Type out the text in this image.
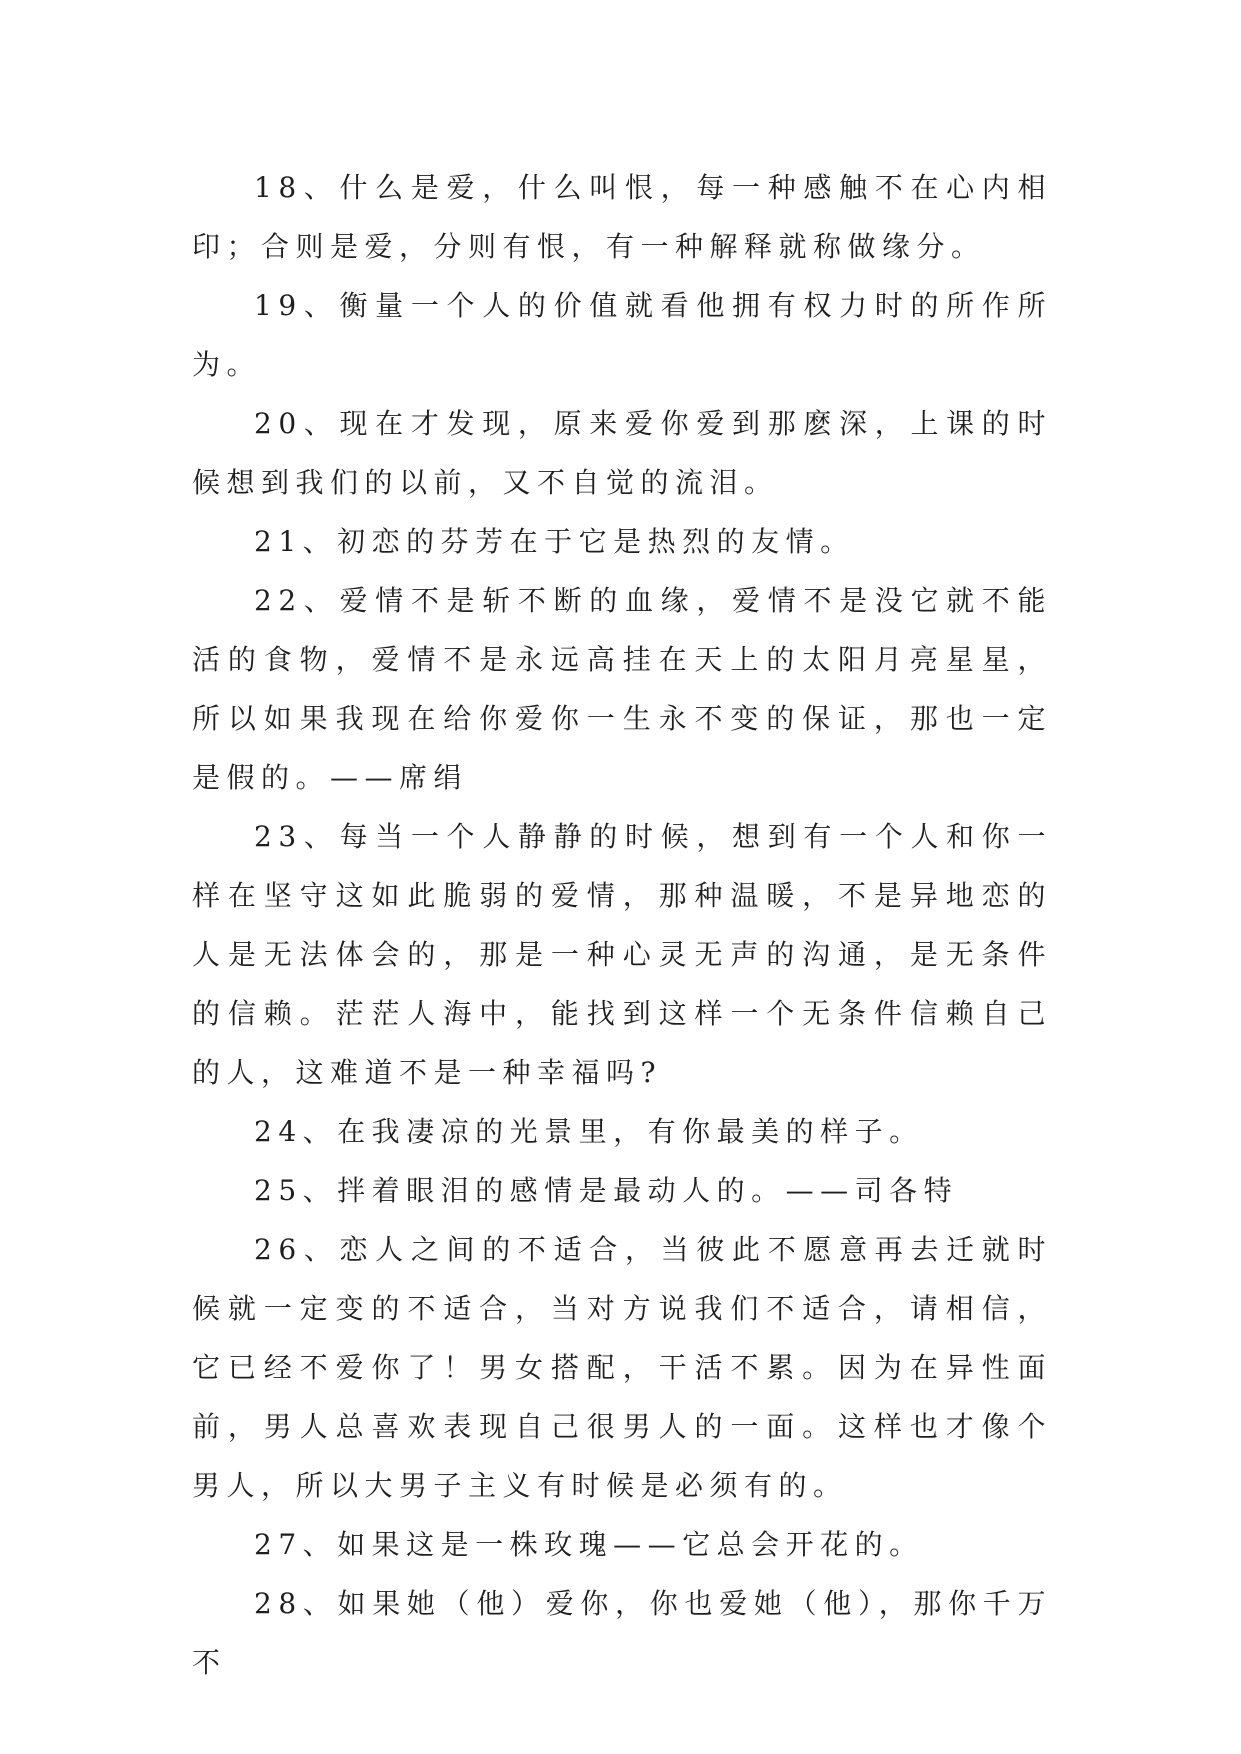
18、什么是爱，什么叫恨，每一种感触不在心内相印；合则是爱，分则有恨，有一种解释就称做缘分。

19、衡量一个人的价值就看他拥有权力时的所作所为。

20、现在才发现，原来爱你爱到那麽深，上课的时候想到我们的以前，又不自觉的流泪。

21、初恋的芬芳在于它是热烈的友情。

22、爱情不是斩不断的血缘，爱情不是没它就不能活的食物，爱情不是永远高挂在天上的太阳月亮星星，所以如果我现在给你爱你一生永不变的保证，那也一定是假的。——席绢

23、每当一个人静静的时候，想到有一个人和你一样在坚守这如此脆弱的爱情，那种温暖，不是异地恋的人是无法体会的，那是一种心灵无声的沟通，是无条件的信赖。茫茫人海中，能找到这样一个无条件信赖自己的人，这难道不是一种幸福吗?

24、在我凄凉的光景里，有你最美的样子。

25、拌着眼泪的感情是最动人的。——司各特

26、恋人之间的不适合，当彼此不愿意再去迁就时候就一定变的不适合，当对方说我们不适合，请相信，它已经不爱你了！男女搭配，干活不累。因为在异性面前，男人总喜欢表现自己很男人的一面。这样也才像个男人，所以大男子主义有时候是必须有的。

27、如果这是一株玫瑰——它总会开花的。

28、如果她（他）爱你，你也爱她（他），那你千万不
